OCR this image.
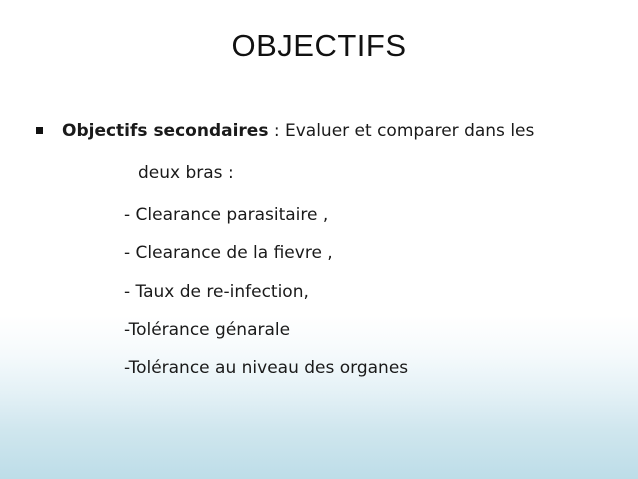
OBJECTIFS
Objectifs secondaires : Evaluer et comparer dans les
deux bras :
- Clearance parasitaire ,
- Clearance de la fievre ,
- Taux de re-infection,
-Tolérance génarale
-Tolérance au niveau des organes
